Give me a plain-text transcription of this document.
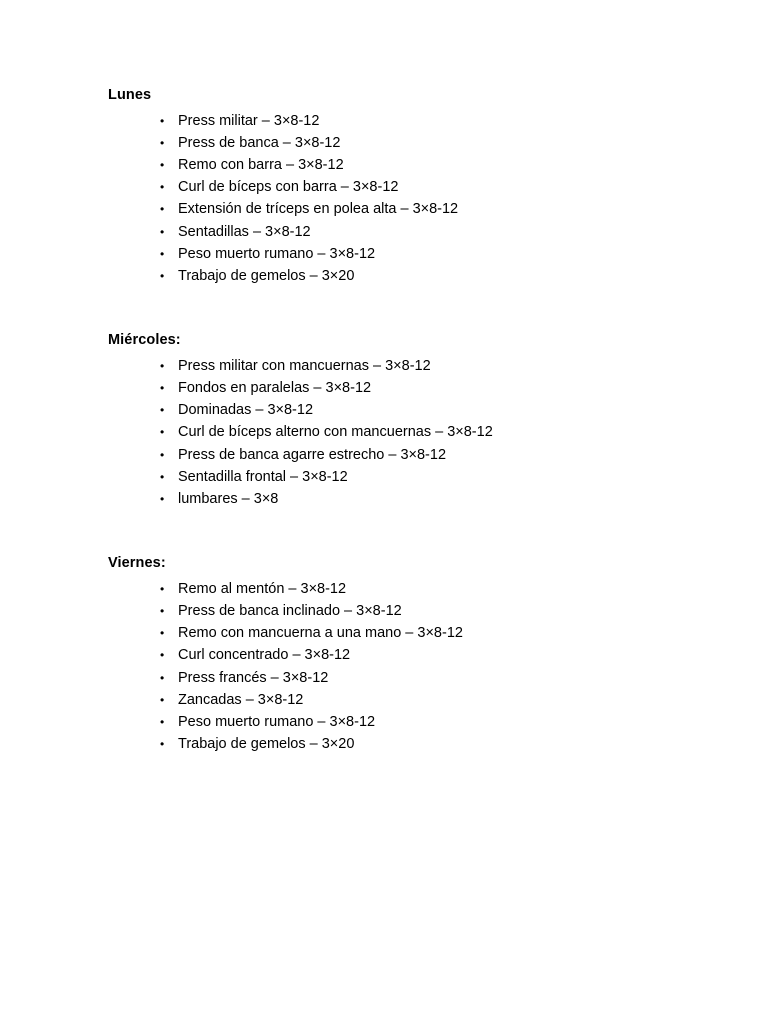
Lunes
• Press militar – 3×8-12
• Press de banca – 3×8-12
• Remo con barra – 3×8-12
• Curl de bíceps con barra – 3×8-12
• Extensión de tríceps en polea alta – 3×8-12
• Sentadillas – 3×8-12
• Peso muerto rumano – 3×8-12
• Trabajo de gemelos – 3×20
Miércoles:
• Press militar con mancuernas – 3×8-12
• Fondos en paralelas – 3×8-12
• Dominadas – 3×8-12
• Curl de bíceps alterno con mancuernas – 3×8-12
• Press de banca agarre estrecho – 3×8-12
• Sentadilla frontal – 3×8-12
• lumbares – 3×8
Viernes:
• Remo al mentón – 3×8-12
• Press de banca inclinado – 3×8-12
• Remo con mancuerna a una mano – 3×8-12
• Curl concentrado – 3×8-12
• Press francés – 3×8-12
• Zancadas – 3×8-12
• Peso muerto rumano – 3×8-12
• Trabajo de gemelos – 3×20
